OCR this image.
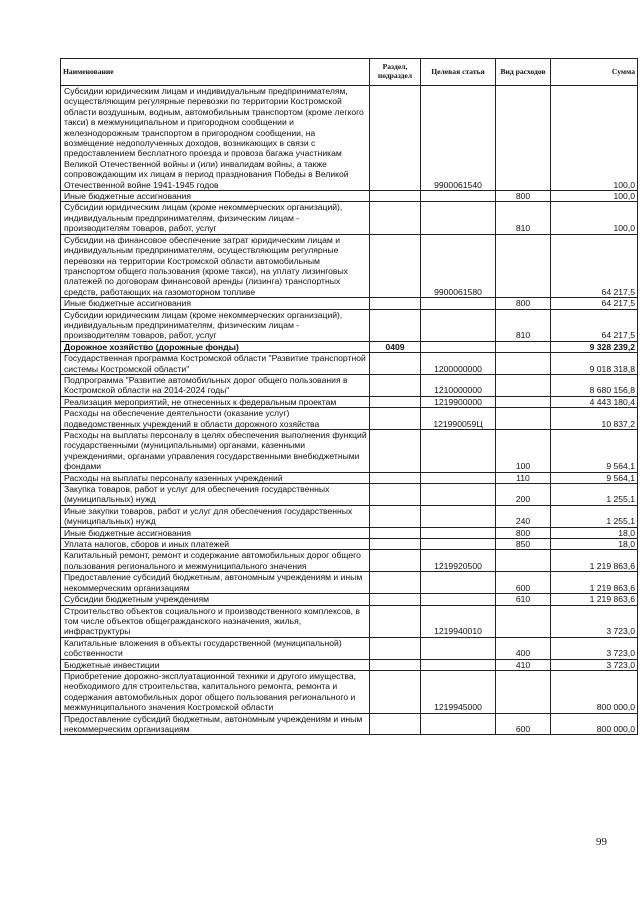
Наименование	Раздел, подраздел	Целевая статья	Вид расходов	Сумма
Субсидии юридическим лицам и индивидуальным предпринимателям, осуществляющим регулярные перевозки по территории Костромской области воздушным, водным, автомобильным транспортом (кроме легкого такси) в межмуниципальном и пригородном сообщении и железнодорожным транспортом в пригородном сообщении, на возмещение недополученных доходов, возникающих в связи с предоставлением бесплатного проезда и провоза багажа участникам Великой Отечественной войны и (или) инвалидам войны, а также сопровождающим их лицам в период празднования Победы в Великой Отечественной войне 1941-1945 годов		9900061540		100,0
Иные бюджетные ассигнования			800	100,0
Субсидии юридическим лицам (кроме некоммерческих организаций), индивидуальным предпринимателям, физическим лицам - производителям товаров, работ, услуг			810	100,0
Субсидии на финансовое обеспечение затрат юридическим лицам и индивидуальным предпринимателям, осуществляющим регулярные перевозки на территории Костромской области автомобильным транспортом общего пользования (кроме такси), на уплату лизинговых платежей по договорам финансовой аренды (лизинга) транспортных средств, работающих на газомоторном топливе		9900061580		64 217,5
Иные бюджетные ассигнования			800	64 217,5
Субсидии юридическим лицам (кроме некоммерческих организаций), индивидуальным предпринимателям, физическим лицам - производителям товаров, работ, услуг			810	64 217,5
Дорожное хозяйство (дорожные фонды)	0409			9 328 239,2
Государственная программа Костромской области "Развитие транспортной системы Костромской области"		1200000000		9 018 318,8
Подпрограмма "Развитие автомобильных дорог общего пользования в Костромской области на 2014-2024 годы"		1210000000		8 680 156,8
Реализация мероприятий, не отнесенных к федеральным проектам		1219900000		4 443 180,4
Расходы на обеспечение деятельности (оказание услуг) подведомственных учреждений в области дорожного хозяйства		121990059Ц		10 837,2
Расходы на выплаты персоналу в целях обеспечения выполнения функций государственными (муниципальными) органами, казенными учреждениями, органами управления государственными внебюджетными фондами			100	9 564,1
Расходы на выплаты персоналу казенных учреждений			110	9 564,1
Закупка товаров, работ и услуг для обеспечения государственных (муниципальных) нужд			200	1 255,1
Иные закупки товаров, работ и услуг для обеспечения государственных (муниципальных) нужд			240	1 255,1
Иные бюджетные ассигнования			800	18,0
Уплата налогов, сборов и иных платежей			850	18,0
Капитальный ремонт, ремонт и содержание автомобильных дорог общего пользования регионального и межмуниципального значения		1219920500		1 219 863,6
Предоставление субсидий бюджетным, автономным учреждениям и иным некоммерческим организациям			600	1 219 863,6
Субсидии бюджетным учреждениям			610	1 219 863,6
Строительство объектов социального и производственного комплексов, в том числе объектов общегражданского назначения, жилья, инфраструктуры		1219940010		3 723,0
Капитальные вложения в объекты государственной (муниципальной) собственности			400	3 723,0
Бюджетные инвестиции			410	3 723,0
Приобретение дорожно-эксплуатационной техники и другого имущества, необходимого для строительства, капитального ремонта, ремонта и содержания автомобильных дорог общего пользования регионального и межмуниципального значения Костромской области		1219945000		800 000,0
Предоставление субсидий бюджетным, автономным учреждениям и иным некоммерческим организациям			600	800 000,0
99
